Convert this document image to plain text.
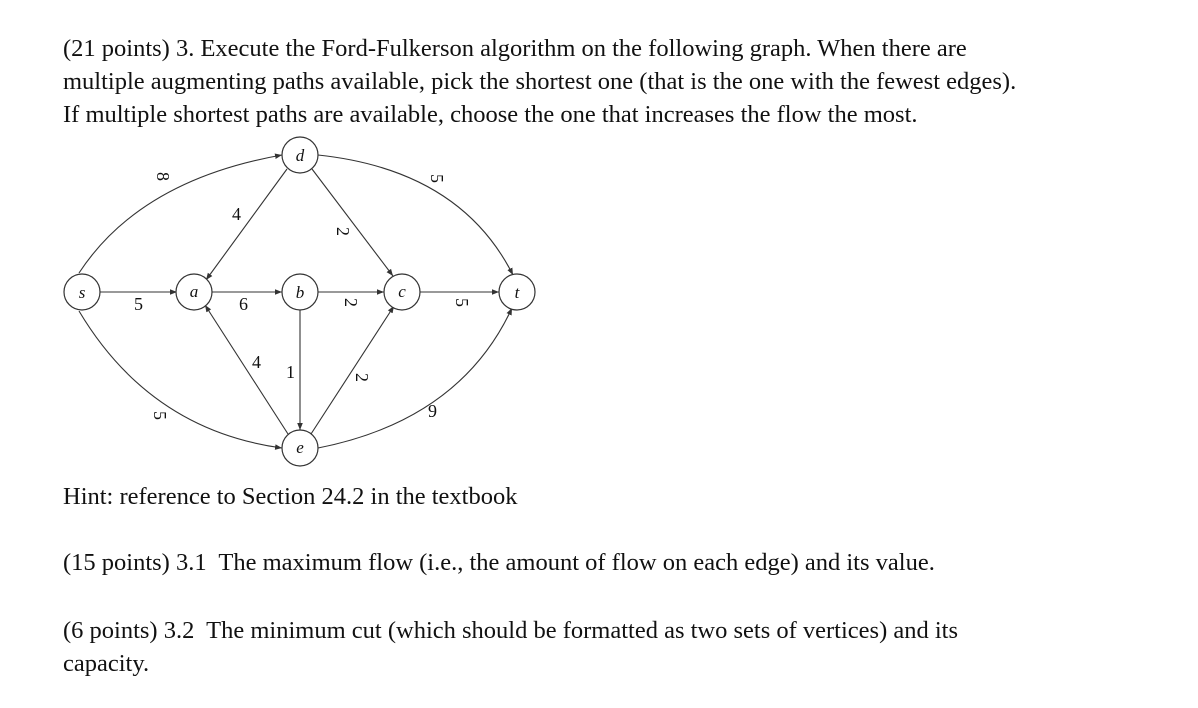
(21 points) 3. Execute the Ford-Fulkerson algorithm on the following graph. When there are
multiple augmenting paths available, pick the shortest one (that is the one with the fewest edges).
If multiple shortest paths are available, choose the one that increases the flow the most.

8
5
5
4
2
5
6	2	5
4 1	2
9
s	a	b	c
d
e
t

Hint: reference to Section 24.2 in the textbook

(15 points) 3.1  The maximum flow (i.e., the amount of flow on each edge) and its value.

(6 points) 3.2  The minimum cut (which should be formatted as two sets of vertices) and its
capacity.
